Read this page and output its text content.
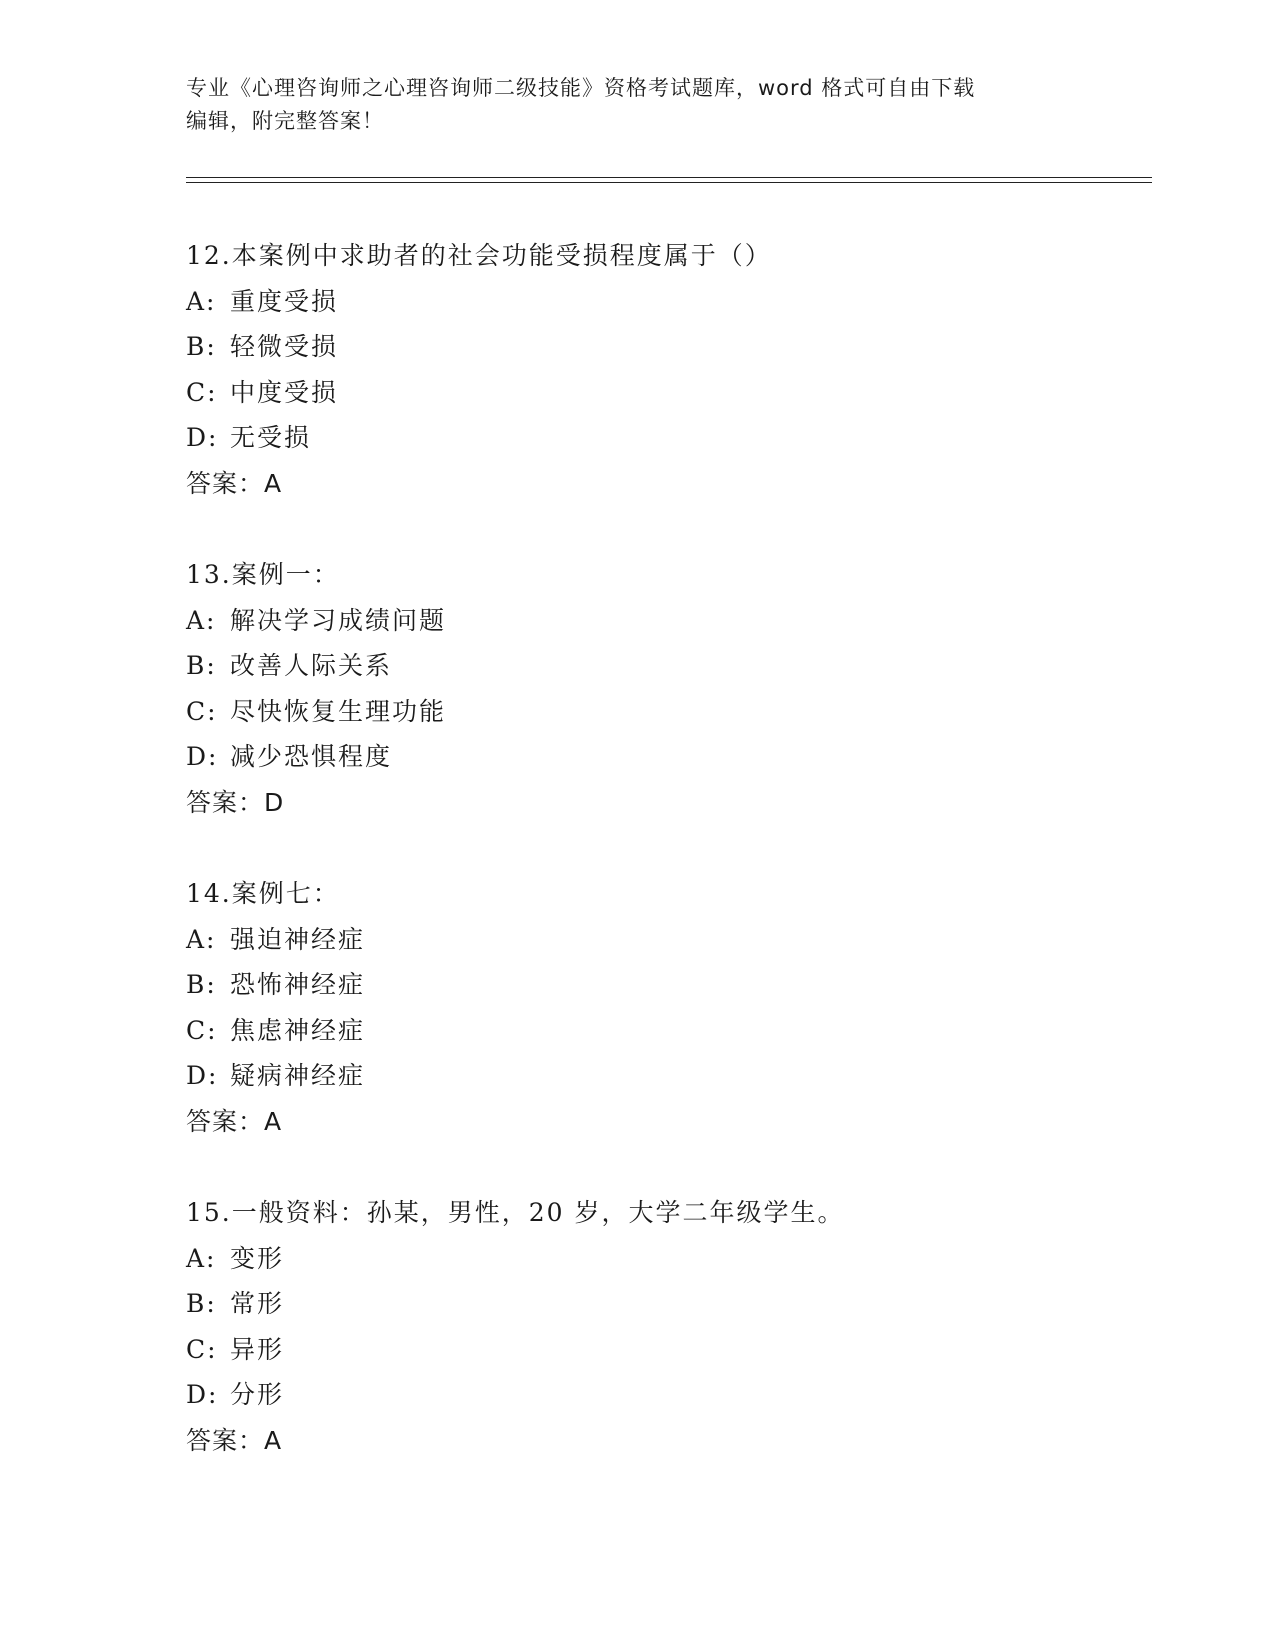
专业《心理咨询师之心理咨询师二级技能》资格考试题库，word 格式可自由下载
编辑，附完整答案！
12.本案例中求助者的社会功能受损程度属于（）
A: 重度受损
B: 轻微受损
C: 中度受损
D: 无受损
答案：A
13.案例一：
A: 解决学习成绩问题
B: 改善人际关系
C: 尽快恢复生理功能
D: 减少恐惧程度
答案：D
14.案例七：
A: 强迫神经症
B: 恐怖神经症
C: 焦虑神经症
D: 疑病神经症
答案：A
15.一般资料：孙某，男性，20 岁，大学二年级学生。
A: 变形
B: 常形
C: 异形
D: 分形
答案：A
